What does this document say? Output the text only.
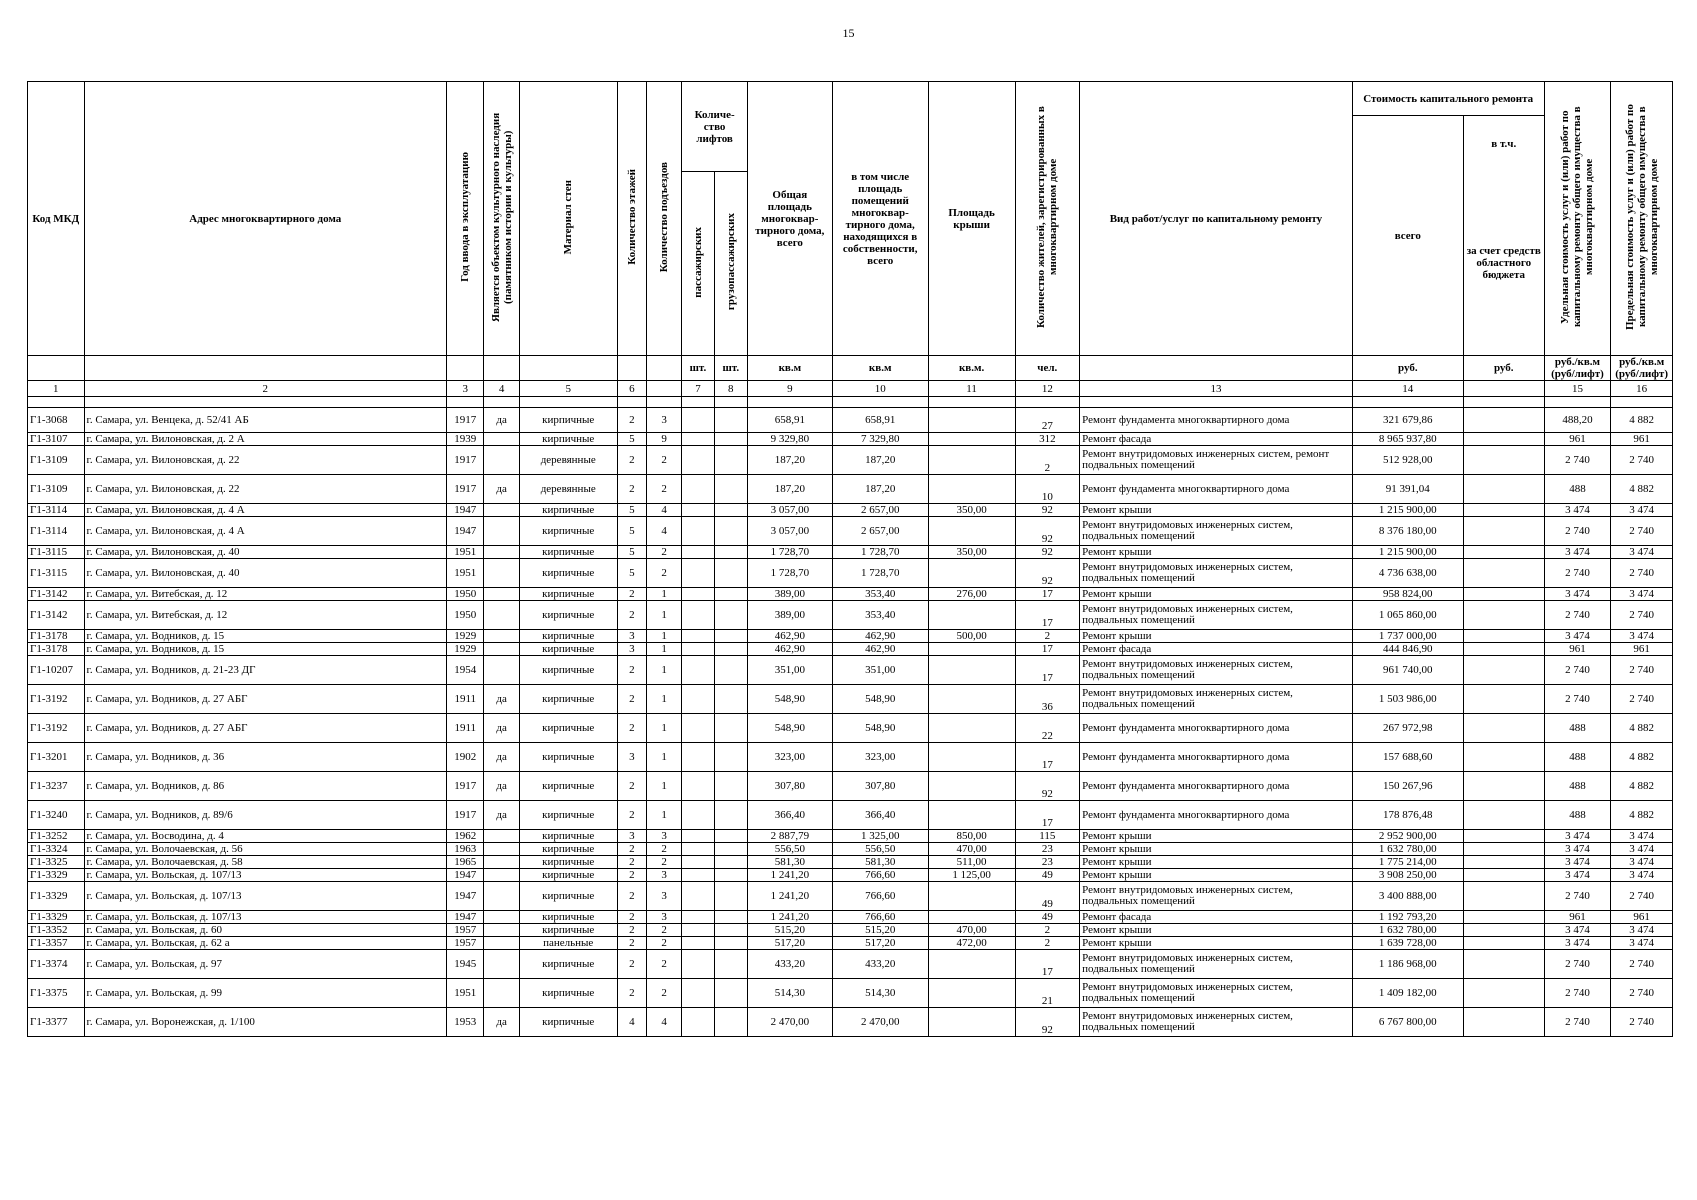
15
Код МКД	Адрес многоквартирного дома	Год ввода в эксплуатацию	Является объектом культурного наследия (памятником истории и культуры)	Материал стен	Количество этажей	Количество подъездов	Количе-ство лифтов		Общая площадь многоквар-тирного дома, всего	в том числе площадь помещений многоквар-тирного дома, находящихся в собственности, всего	Площадь крыши	Количество жителей, зарегистрированных в многоквартирном доме	Вид работ/услуг по капитальному ремонту	Стоимость капитального ремонта		Удельная стоимость услуг и (или) работ по капитальному ремонту общего имущества в многоквартирном доме	Предельная стоимость услуг и (или) работ по капитальному ремонту общего имущества в многоквартирном доме
														всего	в т.ч.		
							пассажирских	грузопассажирских							за счет средств областного бюджета		
							шт.	шт.	кв.м	кв.м	кв.м.	чел.		руб.	руб.	руб./кв.м (руб/лифт)	руб./кв.м (руб/лифт)
1	2	3	4	5	6		7	8	9	10	11	12	13	14		15	16

Г1-3068	г. Самара, ул. Венцека, д. 52/41 АБ	1917	да	кирпичные	2	3			658,91	658,91		27	Ремонт фундамента многоквартирного дома	321 679,86		488,20	4 882
Г1-3107	г. Самара, ул. Вилоновская, д. 2 А	1939		кирпичные	5	9			9 329,80	7 329,80		312	Ремонт фасада	8 965 937,80		961	961
Г1-3109	г. Самара, ул. Вилоновская, д. 22	1917		деревянные	2	2			187,20	187,20		2	Ремонт внутридомовых инженерных систем, ремонт подвальных помещений	512 928,00		2 740	2 740
Г1-3109	г. Самара, ул. Вилоновская, д. 22	1917	да	деревянные	2	2			187,20	187,20		10	Ремонт фундамента многоквартирного дома	91 391,04		488	4 882
Г1-3114	г. Самара, ул. Вилоновская, д. 4 А	1947		кирпичные	5	4			3 057,00	2 657,00	350,00	92	Ремонт крыши	1 215 900,00		3 474	3 474
Г1-3114	г. Самара, ул. Вилоновская, д. 4 А	1947		кирпичные	5	4			3 057,00	2 657,00		92	Ремонт внутридомовых инженерных систем, подвальных помещений	8 376 180,00		2 740	2 740
Г1-3115	г. Самара, ул. Вилоновская, д. 40	1951		кирпичные	5	2			1 728,70	1 728,70	350,00	92	Ремонт крыши	1 215 900,00		3 474	3 474
Г1-3115	г. Самара, ул. Вилоновская, д. 40	1951		кирпичные	5	2			1 728,70	1 728,70		92	Ремонт внутридомовых инженерных систем, подвальных помещений	4 736 638,00		2 740	2 740
Г1-3142	г. Самара, ул. Витебская, д. 12	1950		кирпичные	2	1			389,00	353,40	276,00	17	Ремонт крыши	958 824,00		3 474	3 474
Г1-3142	г. Самара, ул. Витебская, д. 12	1950		кирпичные	2	1			389,00	353,40		17	Ремонт внутридомовых инженерных систем, подвальных помещений	1 065 860,00		2 740	2 740
Г1-3178	г. Самара, ул. Водников, д. 15	1929		кирпичные	3	1			462,90	462,90	500,00	2	Ремонт крыши	1 737 000,00		3 474	3 474
Г1-3178	г. Самара, ул. Водников, д. 15	1929		кирпичные	3	1			462,90	462,90		17	Ремонт фасада	444 846,90		961	961
Г1-10207	г. Самара, ул. Водников, д. 21-23 ДГ	1954		кирпичные	2	1			351,00	351,00		17	Ремонт внутридомовых инженерных систем, подвальных помещений	961 740,00		2 740	2 740
Г1-3192	г. Самара, ул. Водников, д. 27 АБГ	1911	да	кирпичные	2	1			548,90	548,90		36	Ремонт внутридомовых инженерных систем, подвальных помещений	1 503 986,00		2 740	2 740
Г1-3192	г. Самара, ул. Водников, д. 27 АБГ	1911	да	кирпичные	2	1			548,90	548,90		22	Ремонт фундамента многоквартирного дома	267 972,98		488	4 882
Г1-3201	г. Самара, ул. Водников, д. 36	1902	да	кирпичные	3	1			323,00	323,00		17	Ремонт фундамента многоквартирного дома	157 688,60		488	4 882
Г1-3237	г. Самара, ул. Водников, д. 86	1917	да	кирпичные	2	1			307,80	307,80		92	Ремонт фундамента многоквартирного дома	150 267,96		488	4 882
Г1-3240	г. Самара, ул. Водников, д. 89/6	1917	да	кирпичные	2	1			366,40	366,40		17	Ремонт фундамента многоквартирного дома	178 876,48		488	4 882
Г1-3252	г. Самара, ул. Восводина, д. 4	1962		кирпичные	3	3			2 887,79	1 325,00	850,00	115	Ремонт крыши	2 952 900,00		3 474	3 474
Г1-3324	г. Самара, ул. Волочаевская, д. 56	1963		кирпичные	2	2			556,50	556,50	470,00	23	Ремонт крыши	1 632 780,00		3 474	3 474
Г1-3325	г. Самара, ул. Волочаевская, д. 58	1965		кирпичные	2	2			581,30	581,30	511,00	23	Ремонт крыши	1 775 214,00		3 474	3 474
Г1-3329	г. Самара, ул. Вольская, д. 107/13	1947		кирпичные	2	3			1 241,20	766,60	1 125,00	49	Ремонт крыши	3 908 250,00		3 474	3 474
Г1-3329	г. Самара, ул. Вольская, д. 107/13	1947		кирпичные	2	3			1 241,20	766,60		49	Ремонт внутридомовых инженерных систем, подвальных помещений	3 400 888,00		2 740	2 740
Г1-3329	г. Самара, ул. Вольская, д. 107/13	1947		кирпичные	2	3			1 241,20	766,60		49	Ремонт фасада	1 192 793,20		961	961
Г1-3352	г. Самара, ул. Вольская, д. 60	1957		кирпичные	2	2			515,20	515,20	470,00	2	Ремонт крыши	1 632 780,00		3 474	3 474
Г1-3357	г. Самара, ул. Вольская, д. 62 а	1957		панельные	2	2			517,20	517,20	472,00	2	Ремонт крыши	1 639 728,00		3 474	3 474
Г1-3374	г. Самара, ул. Вольская, д. 97	1945		кирпичные	2	2			433,20	433,20		17	Ремонт внутридомовых инженерных систем, подвальных помещений	1 186 968,00		2 740	2 740
Г1-3375	г. Самара, ул. Вольская, д. 99	1951		кирпичные	2	2			514,30	514,30		21	Ремонт внутридомовых инженерных систем, подвальных помещений	1 409 182,00		2 740	2 740
Г1-3377	г. Самара, ул. Воронежская, д. 1/100	1953	да	кирпичные	4	4			2 470,00	2 470,00		92	Ремонт внутридомовых инженерных систем, подвальных помещений	6 767 800,00		2 740	2 740
